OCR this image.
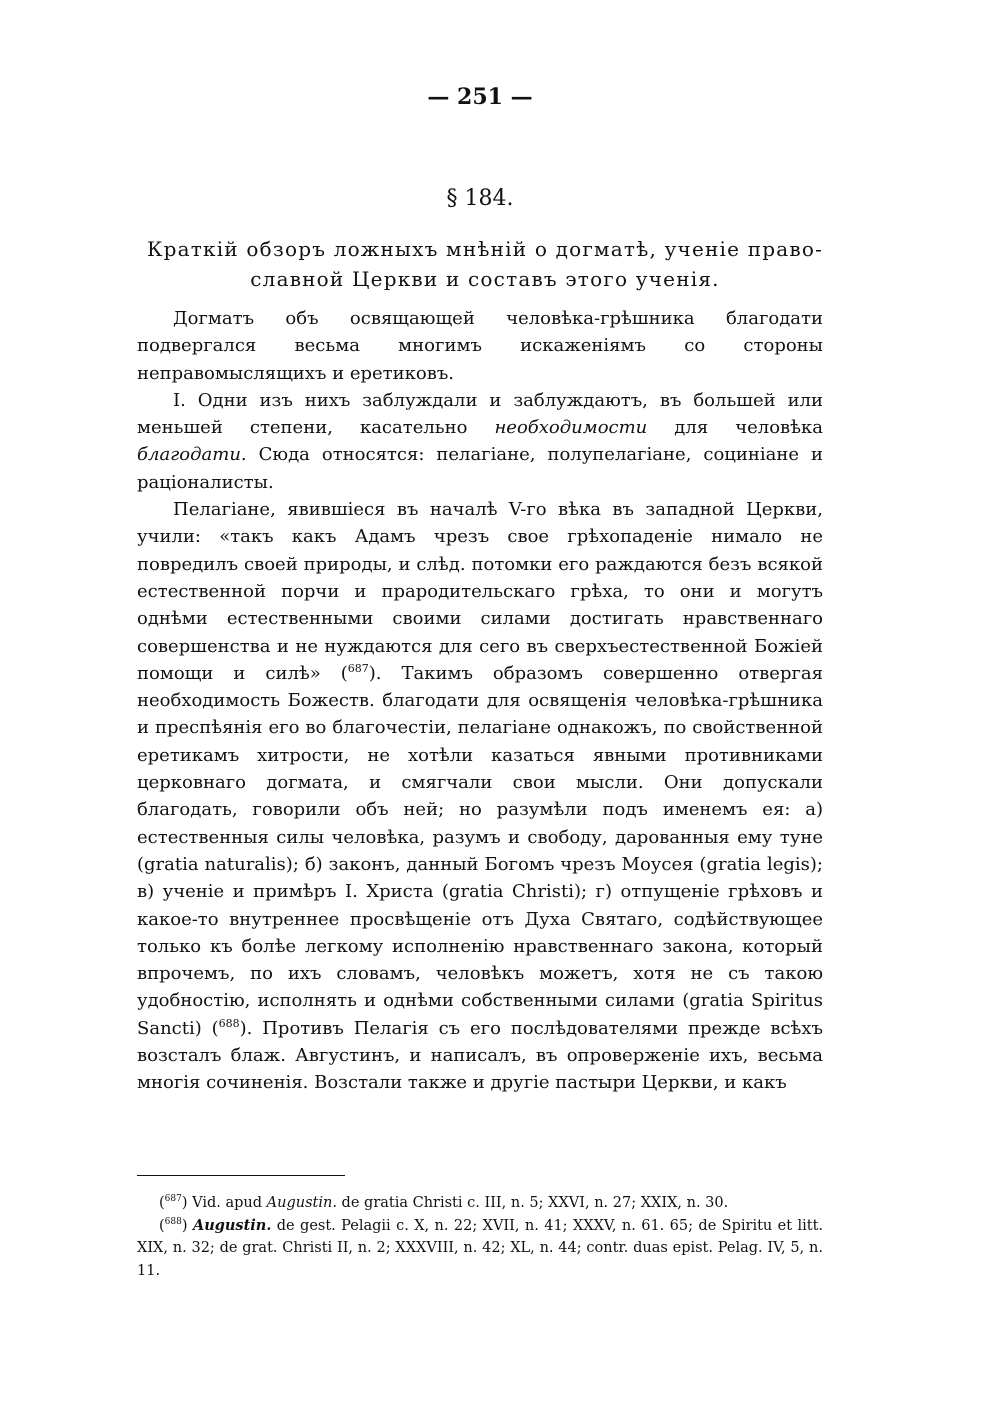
— 251 —
§ 184.
Краткій обзоръ ложныхъ мнѣній о догматѣ, ученіе право-
славной Церкви и составъ этого ученія.

Догматъ объ освящающей человѣка-грѣшника благодати подвергался весьма многимъ искаженіямъ со стороны неправомыслящихъ и еретиковъ.

I. Одни изъ нихъ заблуждали и заблуждаютъ, въ большей или меньшей степени, касательно необходимости для человѣка благодати. Сюда относятся: пелагіане, полупелагіане, социніане и раціоналисты.

Пелагіане, явившіеся въ началѣ V-го вѣка въ западной Церкви, учили: «такъ какъ Адамъ чрезъ свое грѣхопаденіе нимало не повредилъ своей природы, и слѣд. потомки его раждаются безъ всякой естественной порчи и прародительскаго грѣха, то они и могутъ однѣми естественными своими силами достигать нравственнаго совершенства и не нуждаются для сего въ сверхъестественной Божіей помощи и силѣ» ($^{687}$). Такимъ образомъ совершенно отвергая необходимость Божеств. благодати для освященія человѣка-грѣшника и преспѣянія его во благочестіи, пелагіане однакожъ, по свойственной еретикамъ хитрости, не хотѣли казаться явными противниками церковнаго догмата, и смягчали свои мысли. Они допускали благодать, говорили объ ней; но разумѣли подъ именемъ ея: а) естественныя силы человѣка, разумъ и свободу, дарованныя ему туне (gratia naturalis); б) законъ, данный Богомъ чрезъ Моусея (gratia legis); в) ученіе и примѣръ I. Христа (gratia Christi); г) отпущеніе грѣховъ и какое-то внутреннее просвѣщеніе отъ Духа Святаго, содѣйствующее только къ болѣе легкому исполненію нравственнаго закона, который впрочемъ, по ихъ словамъ, человѣкъ можетъ, хотя не съ такою удобностію, исполнять и однѣми собственными силами (gratia Spiritus Sancti) ($^{688}$). Противъ Пелагія съ его послѣдователями прежде всѣхъ возсталъ блаж. Августинъ, и написалъ, въ опровержeніе ихъ, весьма многія сочиненія. Возстали также и другіе пастыри Церкви, и какъ

($^{687}$) Vid. apud Augustin. de gratia Christi c. III, n. 5; XXVI, n. 27; XXIX, n. 30.

($^{688}$) Augustin. de gest. Pelagii c. X, n. 22; XVII, n. 41; XXXV, n. 61. 65; de Spiritu et litt. XIX, n. 32; de grat. Christi II, n. 2; XXXVIII, n. 42; XL, n. 44; contr. duas epist. Pelag. IV, 5, n. 11.
